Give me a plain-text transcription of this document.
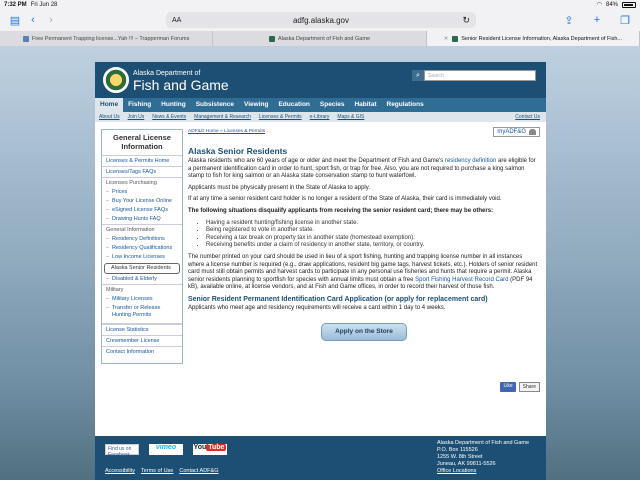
7:32 PM Fri Jun 28	◠ 84%
▤ ‹	›	AA	adfg.alaska.gov	↻	⇪	+	❐
Free Permanent Trapping license...Yah !!! – Trapperman Forums	Alaska Department of Fish and Game	✕ Senior Resident License Information, Alaska Department of Fish...
Alaska Department of
Fish and Game
⌕	Search
Home	Fishing	Hunting	Subsistence	Viewing	Education	Species	Habitat	Regulations
About Us Join Us News & Events Management & Research Licenses & Permits e-Library Maps & GIS	Contact Us
General License Information
Licenses & Permits Home
Licenses/Tags FAQs
Licenses Purchasing
– Prices
– Buy Your License Online
– eSigned License FAQs
– Drawing Hunts FAQ
General Information
– Residency Definitions
– Residency Qualifications
– Low Income Licenses
Alaska Senior Residents
– Disabled & Elderly
Military
– Military Licenses
– Transfer or Release Hunting Permits
License Statistics
Crewmember License
Contact Information
ADF&G Home » Licenses & Permits	myADF&G
Alaska Senior Residents

Alaska residents who are 60 years of age or older and meet the Department of Fish and Game's residency definition are eligible for a permanent identification card in order to hunt, sport fish, or trap for free. Also, you are not required to purchase a king salmon stamp to fish for king salmon or an Alaska state conservation stamp to hunt waterfowl.

Applicants must be physically present in the State of Alaska to apply.

If at any time a senior resident card holder is no longer a resident of the State of Alaska, their card is immediately void.

The following situations disqualify applicants from receiving the senior resident card; there may be others:

• Having a resident hunting/fishing license in another state.
• Being registered to vote in another state.
• Receiving a tax break on property tax in another state (homestead exemption).
• Receiving benefits under a claim of residency in another state, territory, or country.

The number printed on your card should be used in lieu of a sport fishing, hunting and trapping license number in all instances where a license number is required (e.g., draw applications, resident big game tags, harvest tickets, etc.). Holders of senior resident card must still obtain permits and harvest cards to participate in any personal use fisheries and hunts that require a permit. Alaska senior residents planning to sportfish for species with annual limits must obtain a free Sport Fishing Harvest Record Card (PDF 94 kB), available online, at license vendors, and at Fish and Game offices, in order to record their harvest of those fish.

Senior Resident Permanent Identification Card Application (or apply for replacement card)

Applicants who meet age and residency requirements will receive a card within 1 day to 4 weeks.

Apply on the Store
Like	Share
Find us on Facebook
vimeo	You Tube
Accessibility Terms of Use Contact ADF&G
Alaska Department of Fish and Game
P.O. Box 115526
1255 W. 8th Street
Juneau, AK 99811-5526
Office Locations
